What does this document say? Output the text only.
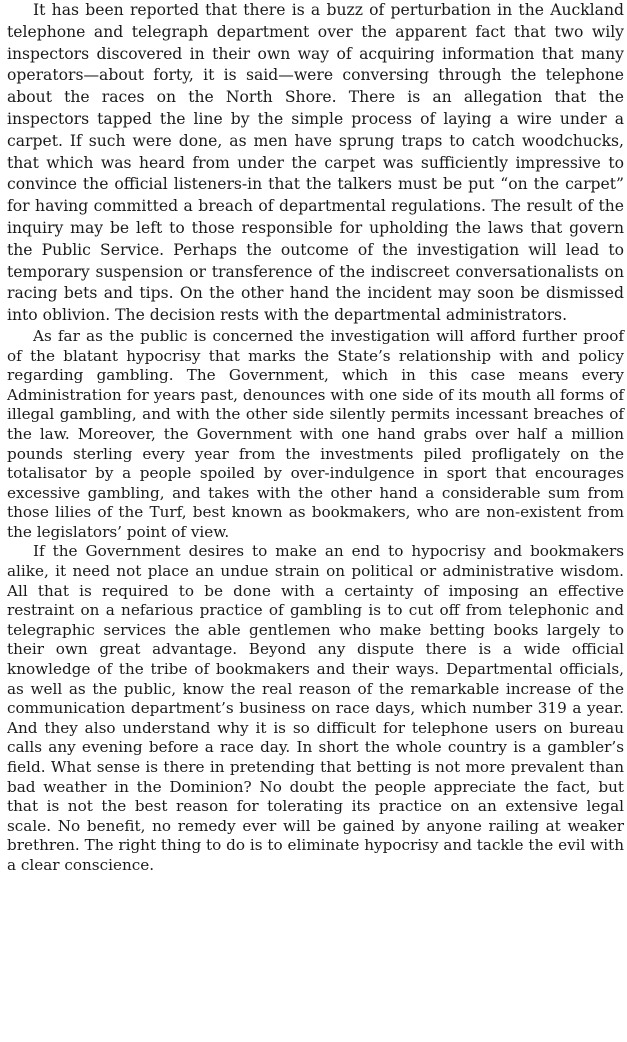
It has been reported that there is a buzz of perturbation in the Auckland telephone and telegraph department over the apparent fact that two wily inspectors discovered in their own way of acquiring information that many operators—about forty, it is said—were conversing through the telephone about the races on the North Shore. There is an allegation that the inspectors tapped the line by the simple process of laying a wire under a carpet. If such were done, as men have sprung traps to catch woodchucks, that which was heard from under the carpet was sufficiently impressive to convince the official listeners-in that the talkers must be put “on the carpet” for having committed a breach of departmental regulations. The result of the inquiry may be left to those responsible for upholding the laws that govern the Public Service. Perhaps the outcome of the investigation will lead to temporary suspension or transference of the indiscreet conversationalists on racing bets and tips. On the other hand the incident may soon be dismissed into oblivion. The decision rests with the departmental administrators.

As far as the public is concerned the investigation will afford further proof of the blatant hypocrisy that marks the State’s relationship with and policy regarding gambling. The Government, which in this case means every Administration for years past, denounces with one side of its mouth all forms of illegal gambling, and with the other side silently permits incessant breaches of the law. Moreover, the Government with one hand grabs over half a million pounds sterling every year from the investments piled profligately on the totalisator by a people spoiled by over-indulgence in sport that encourages excessive gambling, and takes with the other hand a considerable sum from those lilies of the Turf, best known as bookmakers, who are non-existent from the legislators’ point of view.

If the Government desires to make an end to hypocrisy and bookmakers alike, it need not place an undue strain on political or administrative wisdom. All that is required to be done with a certainty of imposing an effective restraint on a nefarious practice of gambling is to cut off from telephonic and telegraphic services the able gentlemen who make betting books largely to their own great advantage. Beyond any dispute there is a wide official knowledge of the tribe of bookmakers and their ways. Departmental officials, as well as the public, know the real reason of the remarkable increase of the communication department’s business on race days, which number 319 a year. And they also understand why it is so difficult for telephone users on bureau calls any evening before a race day. In short the whole country is a gambler’s field. What sense is there in pretending that betting is not more prevalent than bad weather in the Dominion? No doubt the people appreciate the fact, but that is not the best reason for tolerating its practice on an extensive legal scale. No benefit, no remedy ever will be gained by anyone railing at weaker brethren. The right thing to do is to eliminate hypocrisy and tackle the evil with a clear conscience.
